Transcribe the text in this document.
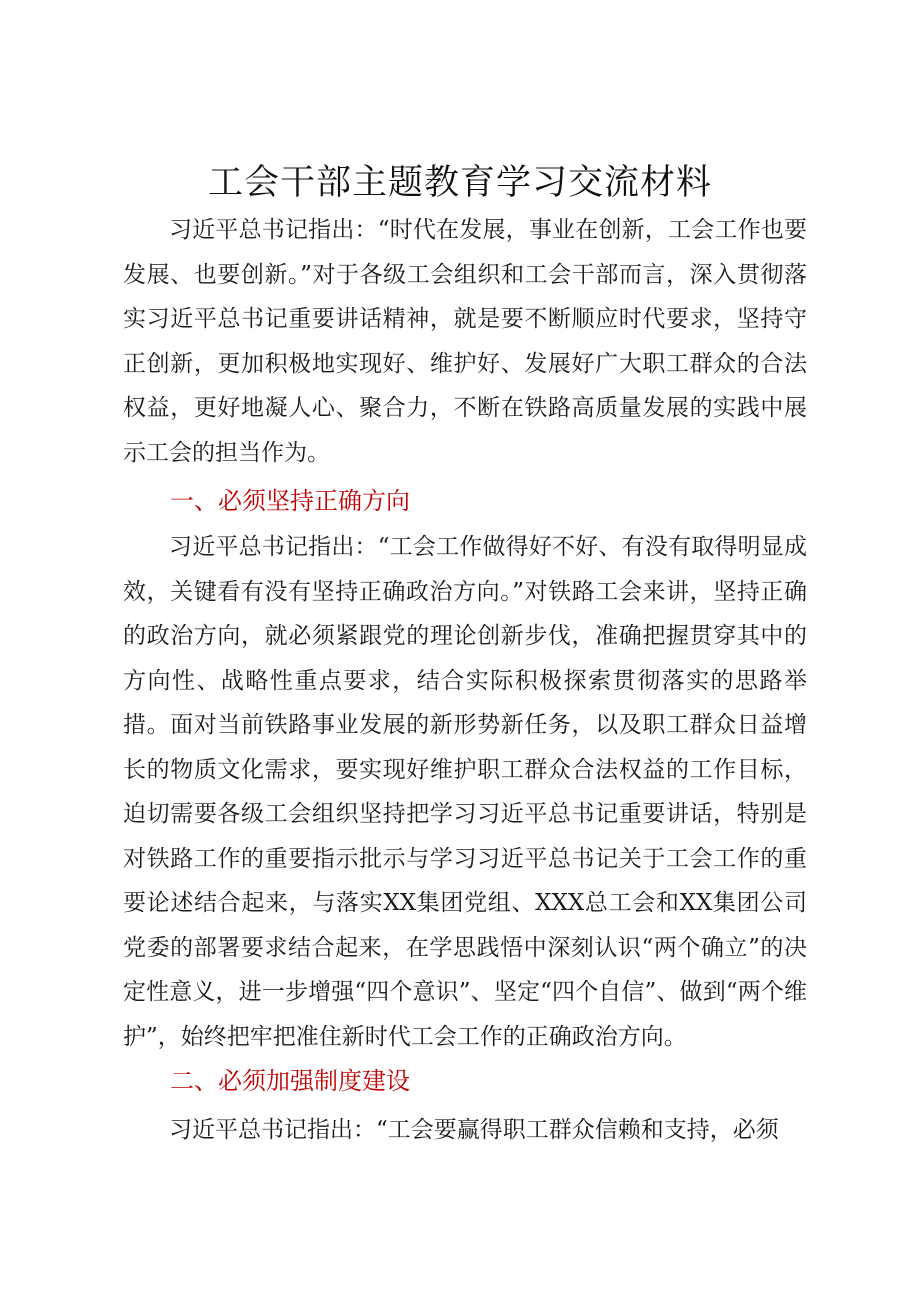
工会干部主题教育学习交流材料

习近平总书记指出：“时代在发展，事业在创新，工会工作也要发展、也要创新。”对于各级工会组织和工会干部而言，深入贯彻落实习近平总书记重要讲话精神，就是要不断顺应时代要求，坚持守正创新，更加积极地实现好、维护好、发展好广大职工群众的合法权益，更好地凝人心、聚合力，不断在铁路高质量发展的实践中展示工会的担当作为。

一、必须坚持正确方向

习近平总书记指出：“工会工作做得好不好、有没有取得明显成效，关键看有没有坚持正确政治方向。”对铁路工会来讲，坚持正确的政治方向，就必须紧跟党的理论创新步伐，准确把握贯穿其中的方向性、战略性重点要求，结合实际积极探索贯彻落实的思路举措。面对当前铁路事业发展的新形势新任务，以及职工群众日益增长的物质文化需求，要实现好维护职工群众合法权益的工作目标，迫切需要各级工会组织坚持把学习习近平总书记重要讲话，特别是对铁路工作的重要指示批示与学习习近平总书记关于工会工作的重要论述结合起来，与落实XX集团党组、XXX总工会和XX集团公司党委的部署要求结合起来，在学思践悟中深刻认识“两个确立”的决定性意义，进一步增强“四个意识”、坚定“四个自信”、做到“两个维护”，始终把牢把准住新时代工会工作的正确政治方向。

二、必须加强制度建设

习近平总书记指出：“工会要赢得职工群众信赖和支持，必须
